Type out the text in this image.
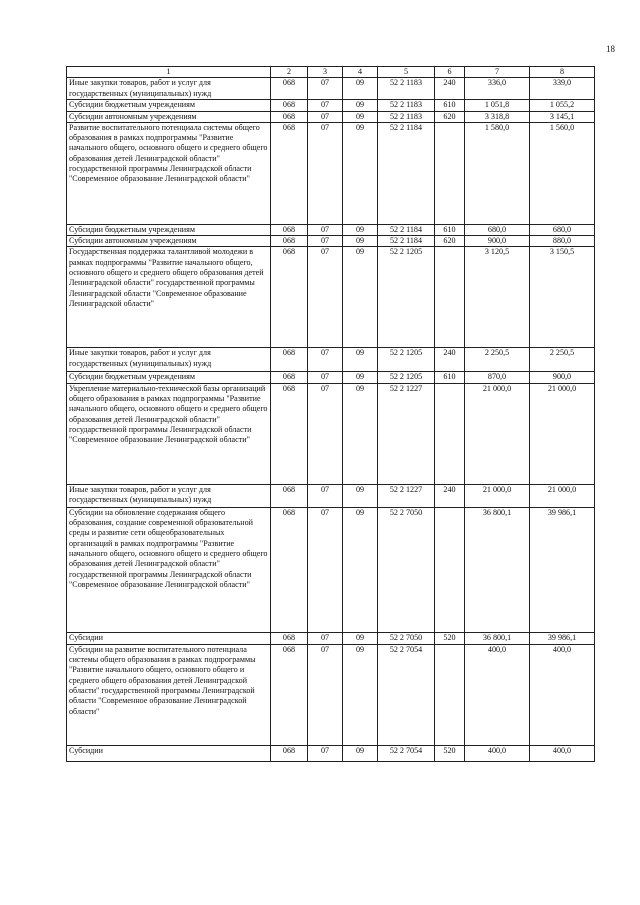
18
1	2	3	4	5	6	7	8
Иные закупки товаров, работ и услуг для государственных (муниципальных) нужд	068	07	09	52 2 1183	240	336,0	339,0
Субсидии бюджетным учреждениям	068	07	09	52 2 1183	610	1 051,8	1 055,2
Субсидии автономным учреждениям	068	07	09	52 2 1183	620	3 318,8	3 145,1
Развитие воспитательного потенциала системы общего образования в рамках подпрограммы "Развитие начального общего, основного общего и среднего общего образования детей Ленинградской области" государственной программы Ленинградской области "Современное образование Ленинградской области"	068	07	09	52 2 1184		1 580,0	1 560,0
Субсидии бюджетным учреждениям	068	07	09	52 2 1184	610	680,0	680,0
Субсидии автономным учреждениям	068	07	09	52 2 1184	620	900,0	880,0
Государственная поддержка талантливой молодежи в рамках подпрограммы "Развитие начального общего, основного общего и среднего общего образования детей Ленинградской области" государственной программы Ленинградской области "Современное образование Ленинградской области"	068	07	09	52 2 1205		3 120,5	3 150,5
Иные закупки товаров, работ и услуг для государственных (муниципальных) нужд	068	07	09	52 2 1205	240	2 250,5	2 250,5
Субсидии бюджетным учреждениям	068	07	09	52 2 1205	610	870,0	900,0
Укрепление материально-технической базы организаций общего образования в рамках подпрограммы "Развитие начального общего, основного общего и среднего общего образования детей Ленинградской области" государственной программы Ленинградской области "Современное образование Ленинградской области"	068	07	09	52 2 1227		21 000,0	21 000,0
Иные закупки товаров, работ и услуг для государственных (муниципальных) нужд	068	07	09	52 2 1227	240	21 000,0	21 000,0
Субсидии на обновление содержания общего образования, создание современной образовательной среды и развитие сети общеобразовательных организаций в рамках подпрограммы "Развитие начального общего, основного общего и среднего общего образования детей Ленинградской области" государственной программы Ленинградской области "Современное образование Ленинградской области"	068	07	09	52 2 7050		36 800,1	39 986,1
Субсидии	068	07	09	52 2 7050	520	36 800,1	39 986,1
Субсидии на развитие воспитательного потенциала системы общего образования в рамках подпрограммы "Развитие начального общего, основного общего и среднего общего образования детей Ленинградской области" государственной программы Ленинградской области "Современное образование Ленинградской области"	068	07	09	52 2 7054		400,0	400,0
Субсидии	068	07	09	52 2 7054	520	400,0	400,0
